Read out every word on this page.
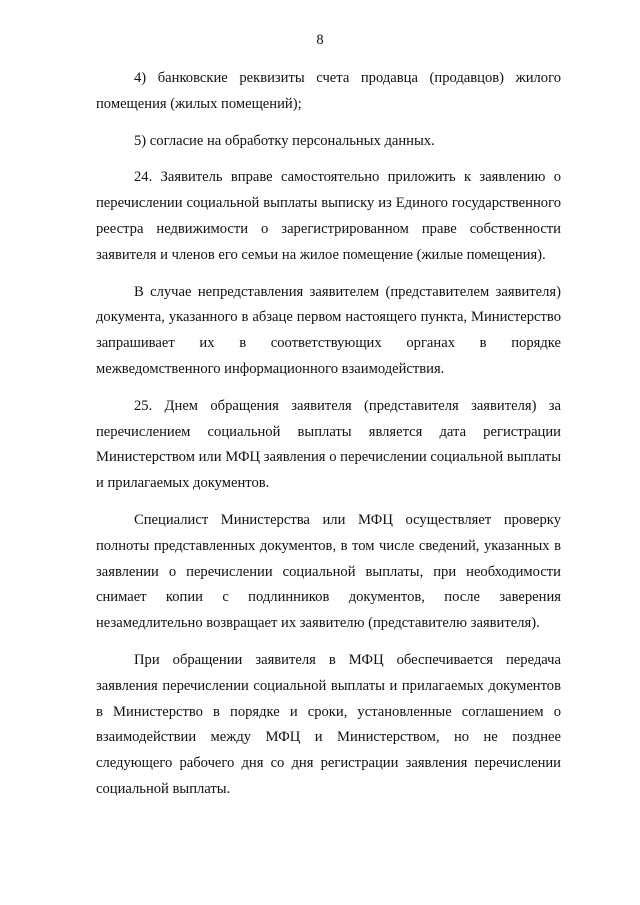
8

4) банковские реквизиты счета продавца (продавцов) жилого помещения (жилых помещений);

5) согласие на обработку персональных данных.

24. Заявитель вправе самостоятельно приложить к заявлению о перечислении социальной выплаты выписку из Единого государственного реестра недвижимости о зарегистрированном праве собственности заявителя и членов его семьи на жилое помещение (жилые помещения).

В случае непредставления заявителем (представителем заявителя) документа, указанного в абзаце первом настоящего пункта, Министерство запрашивает их в соответствующих органах в порядке межведомственного информационного взаимодействия.

25. Днем обращения заявителя (представителя заявителя) за перечислением социальной выплаты является дата регистрации Министерством или МФЦ заявления о перечислении социальной выплаты и прилагаемых документов.

Специалист Министерства или МФЦ осуществляет проверку полноты представленных документов, в том числе сведений, указанных в заявлении о перечислении социальной выплаты, при необходимости снимает копии с подлинников документов, после заверения незамедлительно возвращает их заявителю (представителю заявителя).

При обращении заявителя в МФЦ обеспечивается передача заявления перечислении социальной выплаты и прилагаемых документов в Министерство в порядке и сроки, установленные соглашением о взаимодействии между МФЦ и Министерством, но не позднее следующего рабочего дня со дня регистрации заявления перечислении социальной выплаты.
